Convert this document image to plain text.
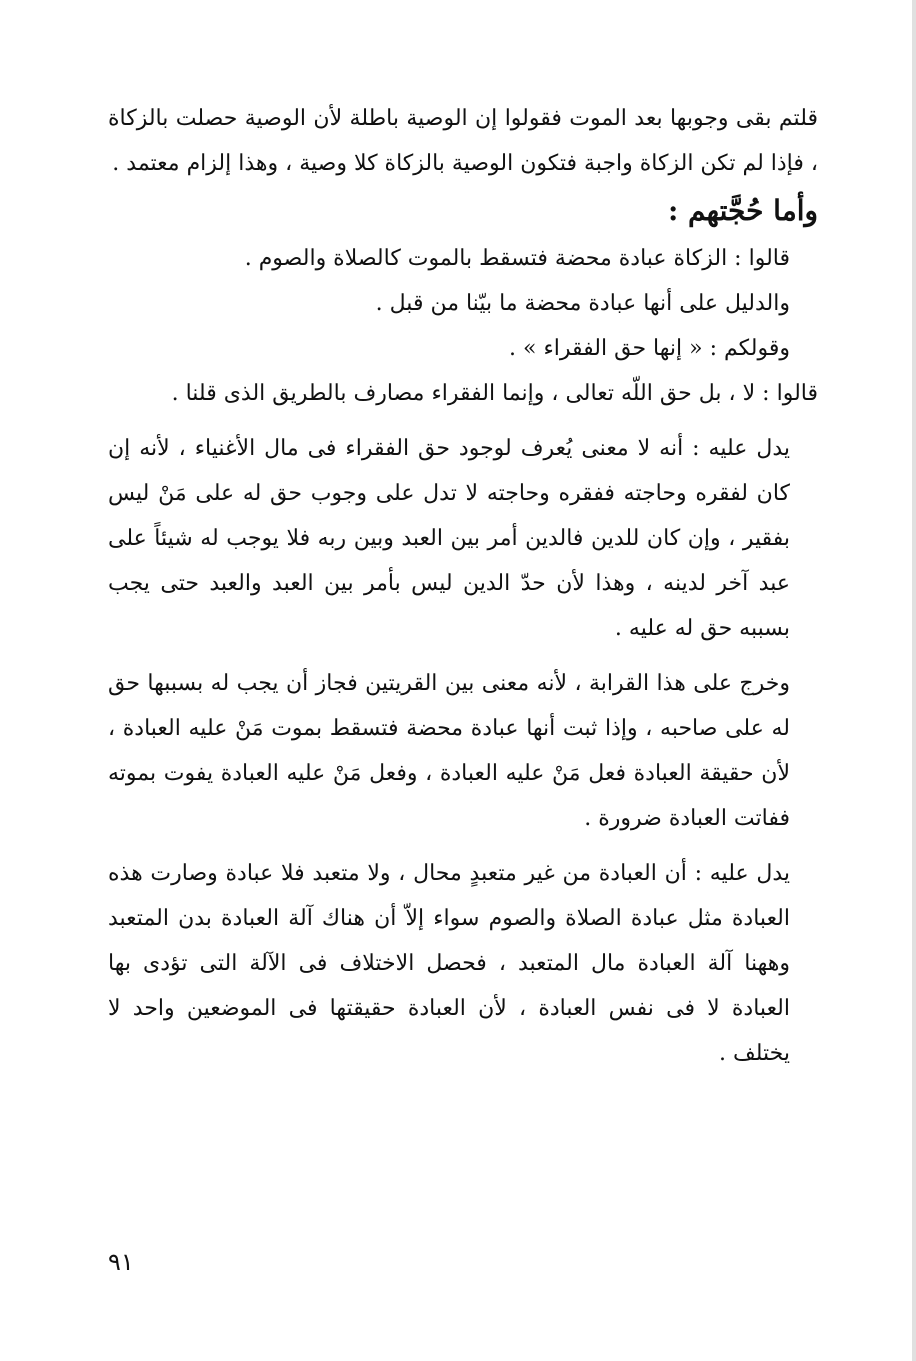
قلتم بقى وجوبها بعد الموت فقولوا إن الوصية باطلة لأن الوصية حصلت بالزكاة ، فإذا لم تكن الزكاة واجبة فتكون الوصية بالزكاة كلا وصية ، وهذا إلزام معتمد .

وأما حُجَّتهم :

قالوا : الزكاة عبادة محضة فتسقط بالموت كالصلاة والصوم .

والدليل على أنها عبادة محضة ما بيّنا من قبل .

وقولكم : « إنها حق الفقراء » .

قالوا : لا ، بل حق اللّه تعالى ، وإنما الفقراء مصارف بالطريق الذى قلنا .

يدل عليه : أنه لا معنى يُعرف لوجود حق الفقراء فى مال الأغنياء ، لأنه إن كان لفقره وحاجته ففقره وحاجته لا تدل على وجوب حق له على مَنْ ليس بفقير ، وإن كان للدين فالدين أمر بين العبد وبين ربه فلا يوجب له شيئاً على عبد آخر لدينه ، وهذا لأن حدّ الدين ليس بأمر بين العبد والعبد حتى يجب بسببه حق له عليه .

وخرج على هذا القرابة ، لأنه معنى بين القريتين فجاز أن يجب له بسببها حق له على صاحبه ، وإذا ثبت أنها عبادة محضة فتسقط بموت مَنْ عليه العبادة ، لأن حقيقة العبادة فعل مَنْ عليه العبادة ، وفعل مَنْ عليه العبادة يفوت بموته ففاتت العبادة ضرورة .

يدل عليه : أن العبادة من غير متعبدٍ محال ، ولا متعبد فلا عبادة وصارت هذه العبادة مثل عبادة الصلاة والصوم سواء إلاّ أن هناك آلة العبادة بدن المتعبد وههنا آلة العبادة مال المتعبد ، فحصل الاختلاف فى الآلة التى تؤدى بها العبادة لا فى نفس العبادة ، لأن العبادة حقيقتها فى الموضعين واحد لا يختلف .

٩١
